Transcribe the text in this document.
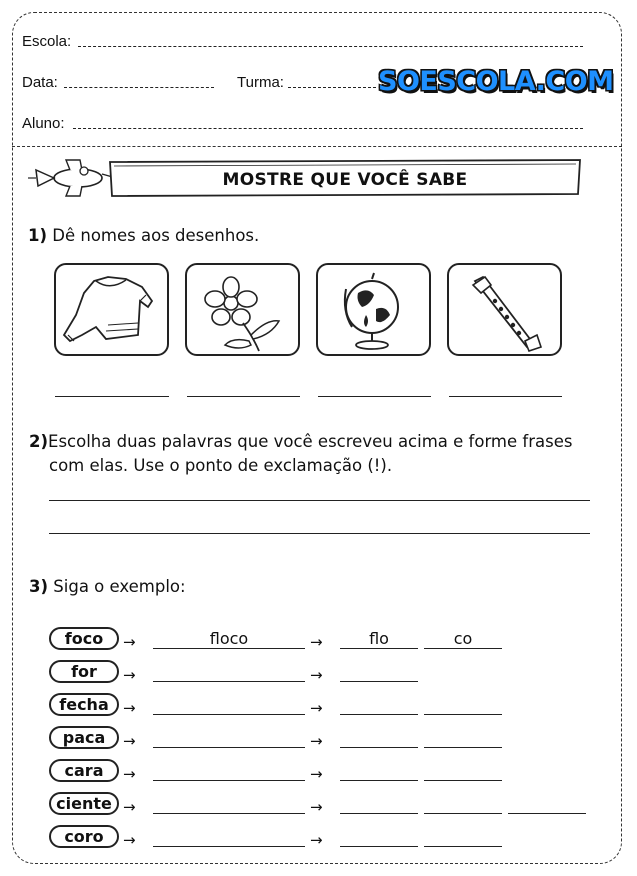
Escola:
Data:	Turma:	SOESCOLA.COM
Aluno:
MOSTRE QUE VOCÊ SABE
1) Dê nomes aos desenhos.
2)Escolha duas palavras que você escreveu acima e forme frases
com elas. Use o ponto de exclamação (!).
3) Siga o exemplo:
foco	→	floco	→	flo	co
for	→	→
fecha →	→
paca	→	→
cara	→	→
ciente →	→
coro	→	→
